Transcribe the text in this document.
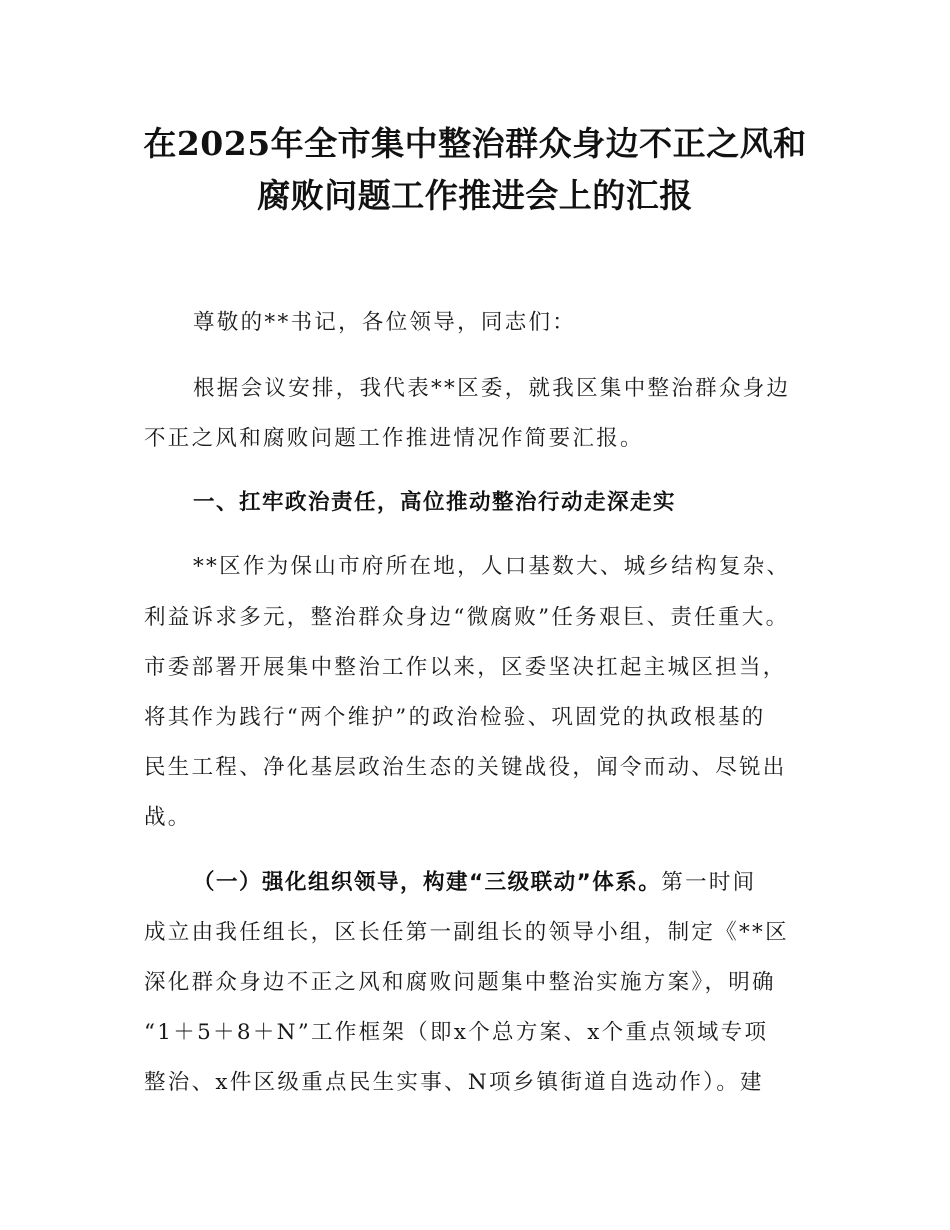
在2025年全市集中整治群众身边不正之风和
腐败问题工作推进会上的汇报
尊敬的**书记，各位领导，同志们：
根据会议安排，我代表**区委，就我区集中整治群众身边
不正之风和腐败问题工作推进情况作简要汇报。
一、扛牢政治责任，高位推动整治行动走深走实
**区作为保山市府所在地，人口基数大、城乡结构复杂、
利益诉求多元，整治群众身边“微腐败”任务艰巨、责任重大。
市委部署开展集中整治工作以来，区委坚决扛起主城区担当，
将其作为践行“两个维护”的政治检验、巩固党的执政根基的
民生工程、净化基层政治生态的关键战役，闻令而动、尽锐出
战。
（一）强化组织领导，构建“三级联动”体系。第一时间
成立由我任组长，区长任第一副组长的领导小组，制定《**区
深化群众身边不正之风和腐败问题集中整治实施方案》，明确
“1＋5＋8＋N”工作框架（即x个总方案、x个重点领域专项
整治、x件区级重点民生实事、N项乡镇街道自选动作）。建
